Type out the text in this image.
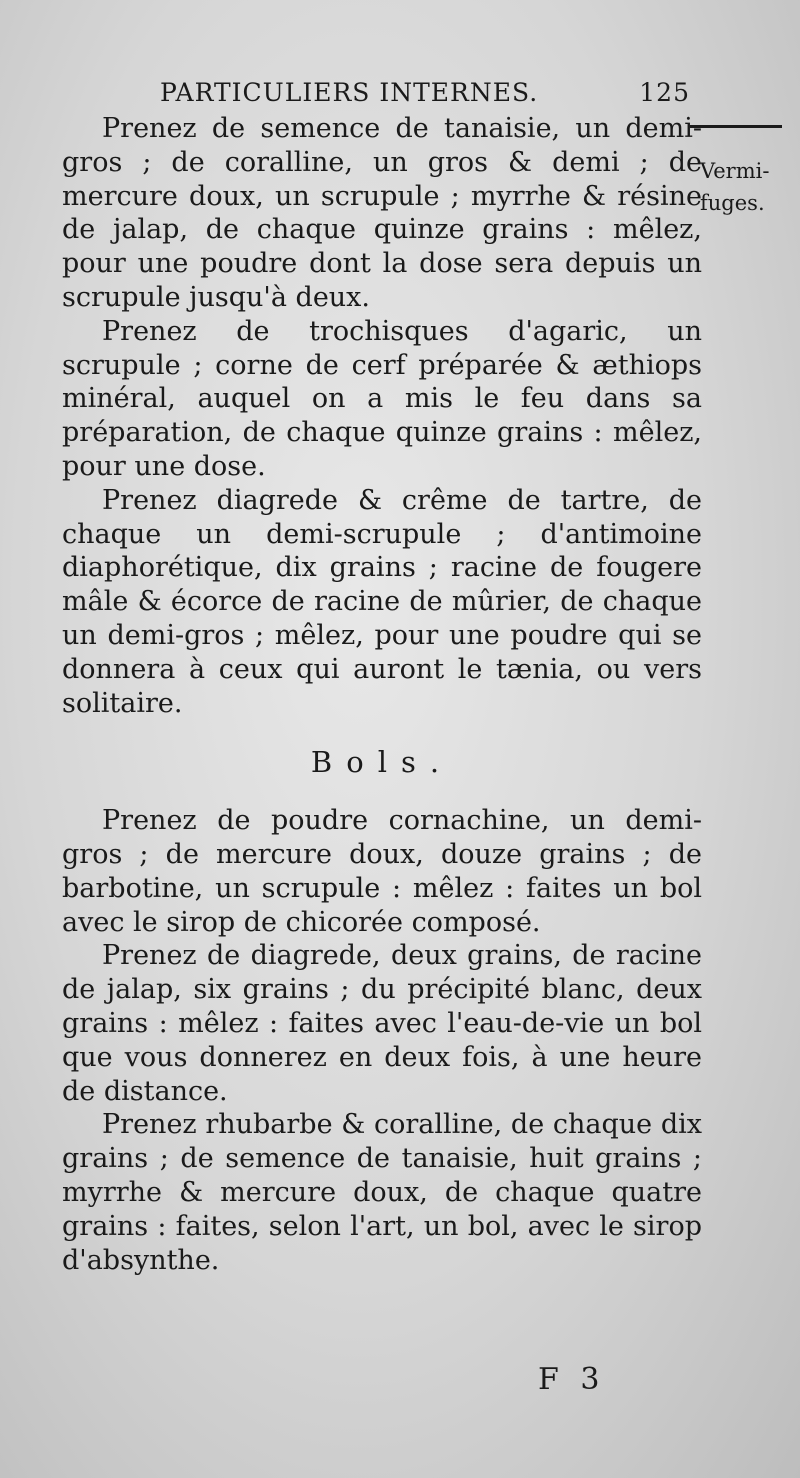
PARTICULIERS INTERNES.	125
Vermi-fuges.

Prenez de semence de tanaisie, un demi-gros ; de coralline, un gros & demi ; de mercure doux, un scrupule ; myrrhe & résine de jalap, de chaque quinze grains : mêlez, pour une poudre dont la dose sera depuis un scrupule jusqu'à deux.

Prenez de trochisques d'agaric, un scrupule ; corne de cerf préparée & æthiops minéral, auquel on a mis le feu dans sa préparation, de chaque quinze grains : mêlez, pour une dose.

Prenez diagrede & crême de tartre, de chaque un demi-scrupule ; d'antimoine diaphorétique, dix grains ; racine de fougere mâle & écorce de racine de mûrier, de chaque un demi-gros ; mêlez, pour une poudre qui se donnera à ceux qui auront le tænia, ou vers solitaire.

Bols.

Prenez de poudre cornachine, un demi-gros ; de mercure doux, douze grains ; de barbotine, un scrupule : mêlez : faites un bol avec le sirop de chicorée composé.

Prenez de diagrede, deux grains, de racine de jalap, six grains ; du précipité blanc, deux grains : mêlez : faites avec l'eau-de-vie un bol que vous donnerez en deux fois, à une heure de distance.

Prenez rhubarbe & coralline, de chaque dix grains ; de semence de tanaisie, huit grains ; myrrhe & mercure doux, de chaque quatre grains : faites, selon l'art, un bol, avec le sirop d'absynthe.

F 3
